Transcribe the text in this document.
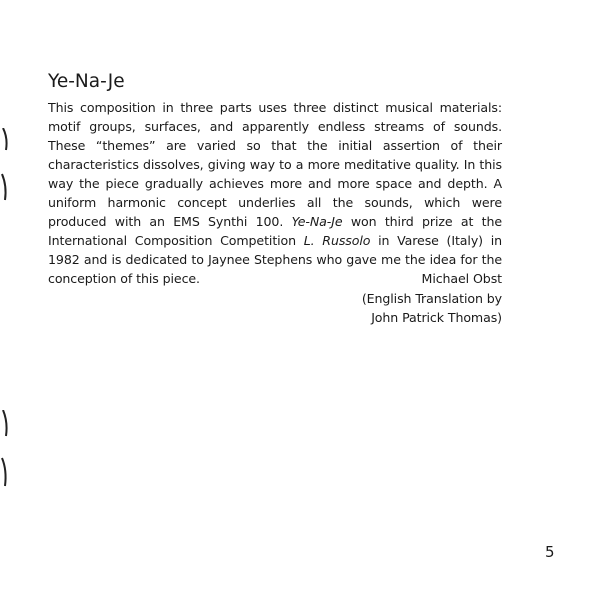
Ye-Na-Je

This composition in three parts uses three distinct musical materials: motif groups, surfaces, and apparently endless streams of sounds. These “themes” are varied so that the initial assertion of their characteristics dissolves, giving way to a more meditative quality. In this way the piece gradually achieves more and more space and depth. A uniform harmonic concept underlies all the sounds, which were produced with an EMS Synthi 100. Ye-Na-Je won third prize at the International Composition Competition L. Russolo in Varese (Italy) in 1982 and is dedicated to Jaynee Stephens who gave me the idea for the conception of this piece.	Michael Obst
(English Translation by
John Patrick Thomas)
5
